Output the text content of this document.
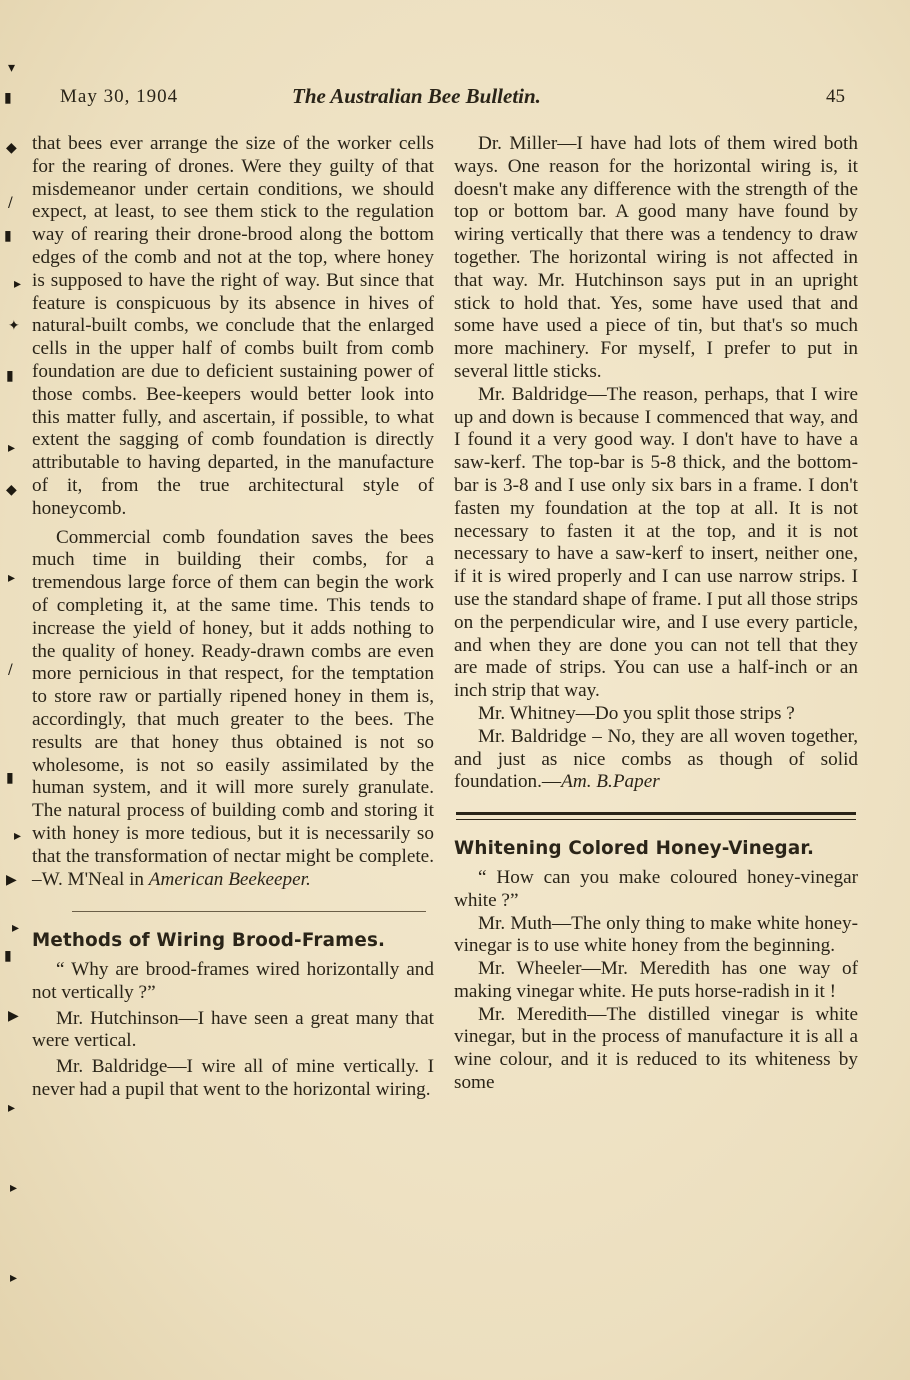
▾
▮
◆
/
▮
▸
✦
▮
▸
◆
▸
/
▮
▸
▶
▸
▮
▶
▸
▸
▸
May 30, 1904	The Australian Bee Bulletin.	45

that bees ever arrange the size of the worker cells for the rearing of drones. Were they guilty of that misdemeanor under certain conditions, we should expect, at least, to see them stick to the regulation way of rearing their drone-brood along the bottom edges of the comb and not at the top, where honey is supposed to have the right of way. But since that feature is conspicuous by its absence in hives of natural-built combs, we conclude that the enlarged cells in the upper half of combs built from comb foundation are due to deficient sustaining power of those combs. Bee-keepers would better look into this matter fully, and ascertain, if possible, to what extent the sagging of comb foundation is directly attributable to having departed, in the manufacture of it, from the true architectural style of honeycomb.

Commercial comb foundation saves the bees much time in building their combs, for a tremendous large force of them can begin the work of completing it, at the same time. This tends to increase the yield of honey, but it adds nothing to the quality of honey. Ready-drawn combs are even more pernicious in that respect, for the temptation to store raw or partially ripened honey in them is, accordingly, that much greater to the bees. The results are that honey thus obtained is not so wholesome, is not so easily assimilated by the human system, and it will more surely granulate. The natural process of building comb and storing it with honey is more tedious, but it is necessarily so that the transformation of nectar might be complete. –W. M'Neal in American Beekeeper.

Methods of Wiring Brood-Frames.

“ Why are brood-frames wired horizontally and not vertically ?”

Mr. Hutchinson—I have seen a great many that were vertical.

Mr. Baldridge—I wire all of mine vertically. I never had a pupil that went to the horizontal wiring.

Dr. Miller—I have had lots of them wired both ways. One reason for the horizontal wiring is, it doesn't make any difference with the strength of the top or bottom bar. A good many have found by wiring vertically that there was a tendency to draw together. The horizontal wiring is not affected in that way. Mr. Hutchinson says put in an upright stick to hold that. Yes, some have used that and some have used a piece of tin, but that's so much more machinery. For myself, I prefer to put in several little sticks.

Mr. Baldridge—The reason, perhaps, that I wire up and down is because I commenced that way, and I found it a very good way. I don't have to have a saw-kerf. The top-bar is 5-8 thick, and the bottom-bar is 3-8 and I use only six bars in a frame. I don't fasten my foundation at the top at all. It is not necessary to fasten it at the top, and it is not necessary to have a saw-kerf to insert, neither one, if it is wired properly and I can use narrow strips. I use the standard shape of frame. I put all those strips on the perpendicular wire, and I use every particle, and when they are done you can not tell that they are made of strips. You can use a half-inch or an inch strip that way.

Mr. Whitney—Do you split those strips ?

Mr. Baldridge – No, they are all woven together, and just as nice combs as though of solid foundation.—Am. B.Paper

Whitening Colored Honey-Vinegar.

“ How can you make coloured honey-vinegar white ?”

Mr. Muth—The only thing to make white honey-vinegar is to use white honey from the beginning.

Mr. Wheeler—Mr. Meredith has one way of making vinegar white. He puts horse-radish in it !

Mr. Meredith—The distilled vinegar is white vinegar, but in the process of manufacture it is all a wine colour, and it is reduced to its whiteness by some
